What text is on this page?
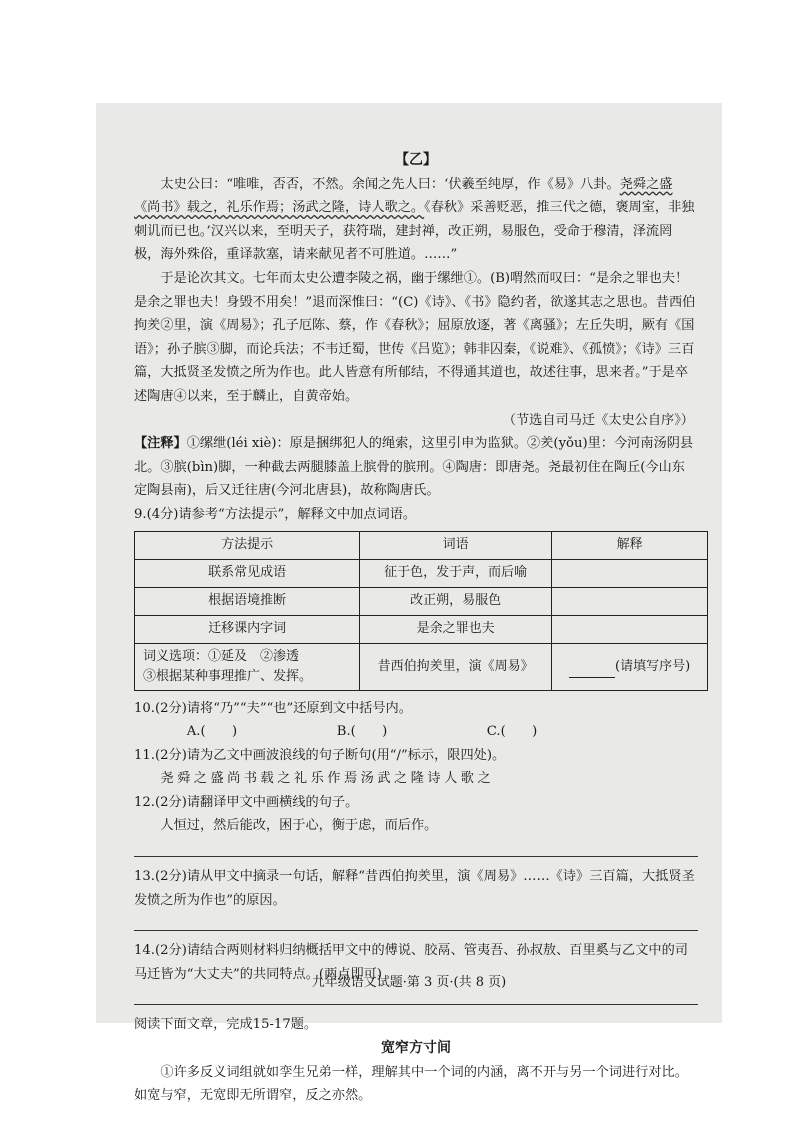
【乙】

太史公曰：“唯唯，否否，不然。余闻之先人曰：‘伏羲至纯厚，作《易》八卦。尧舜之盛《尚书》载之，礼乐作焉；汤武之隆，诗人歌之。《春秋》采善贬恶，推三代之德，褒周室，非独刺讥而已也。’汉兴以来，至明天子，获符瑞，建封禅，改正朔，易服色，受命于穆清，泽流罔极，海外殊俗，重译款塞，请来献见者不可胜道。……”

于是论次其文。七年而太史公遭李陵之祸，幽于缧绁①。(B)喟然而叹曰：“是余之罪也夫！是余之罪也夫！身毁不用矣！”退而深惟曰：“(C)《诗》、《书》隐约者，欲遂其志之思也。昔西伯拘羑②里，演《周易》；孔子厄陈、蔡，作《春秋》；屈原放逐，著《离骚》；左丘失明，厥有《国语》；孙子膑③脚，而论兵法；不韦迁蜀，世传《吕览》；韩非囚秦，《说难》、《孤愤》；《诗》三百篇，大抵贤圣发愤之所为作也。此人皆意有所郁结，不得通其道也，故述往事，思来者。”于是卒述陶唐④以来，至于麟止，自黄帝始。

（节选自司马迁《太史公自序》）

【注释】①缧绁(léi xiè)：原是捆绑犯人的绳索，这里引申为监狱。②羑(yǒu)里：今河南汤阴县北。③膑(bìn)脚，一种截去两腿膝盖上膑骨的膑刑。④陶唐：即唐尧。尧最初住在陶丘(今山东定陶县南)，后又迁往唐(今河北唐县)，故称陶唐氏。

9.(4分)请参考“方法提示”，解释文中加点词语。

方法提示	词语	解释
联系常见成语	征于色，发于声，而后喻	
根据语境推断	改正朔，易服色	
迁移课内字词	是余之罪也夫	

词义选项：①延及　②渗透
③根据某种事理推广、发挥。	昔西伯拘羑里，演《周易》	(请填写序号)

10.(2分)请将“乃”“夫”“也”还原到文中括号内。

A.(　　)	B.(　　)	C.(　　)

11.(2分)请为乙文中画波浪线的句子断句(用“/”标示，限四处)。

尧舜之盛尚书载之礼乐作焉汤武之隆诗人歌之

12.(2分)请翻译甲文中画横线的句子。

人恒过，然后能改，困于心，衡于虑，而后作。

13.(2分)请从甲文中摘录一句话，解释“昔西伯拘羑里，演《周易》……《诗》三百篇，大抵贤圣发愤之所为作也”的原因。

14.(2分)请结合两则材料归纳概括甲文中的傅说、胶鬲、管夷吾、孙叔敖、百里奚与乙文中的司马迁皆为“大丈夫”的共同特点。(两点即可)

阅读下面文章，完成15-17题。

宽窄方寸间

①许多反义词组就如孪生兄弟一样，理解其中一个词的内涵，离不开与另一个词进行对比。如宽与窄，无宽即无所谓窄，反之亦然。

九年级语文试题·第 3 页·(共 8 页)
